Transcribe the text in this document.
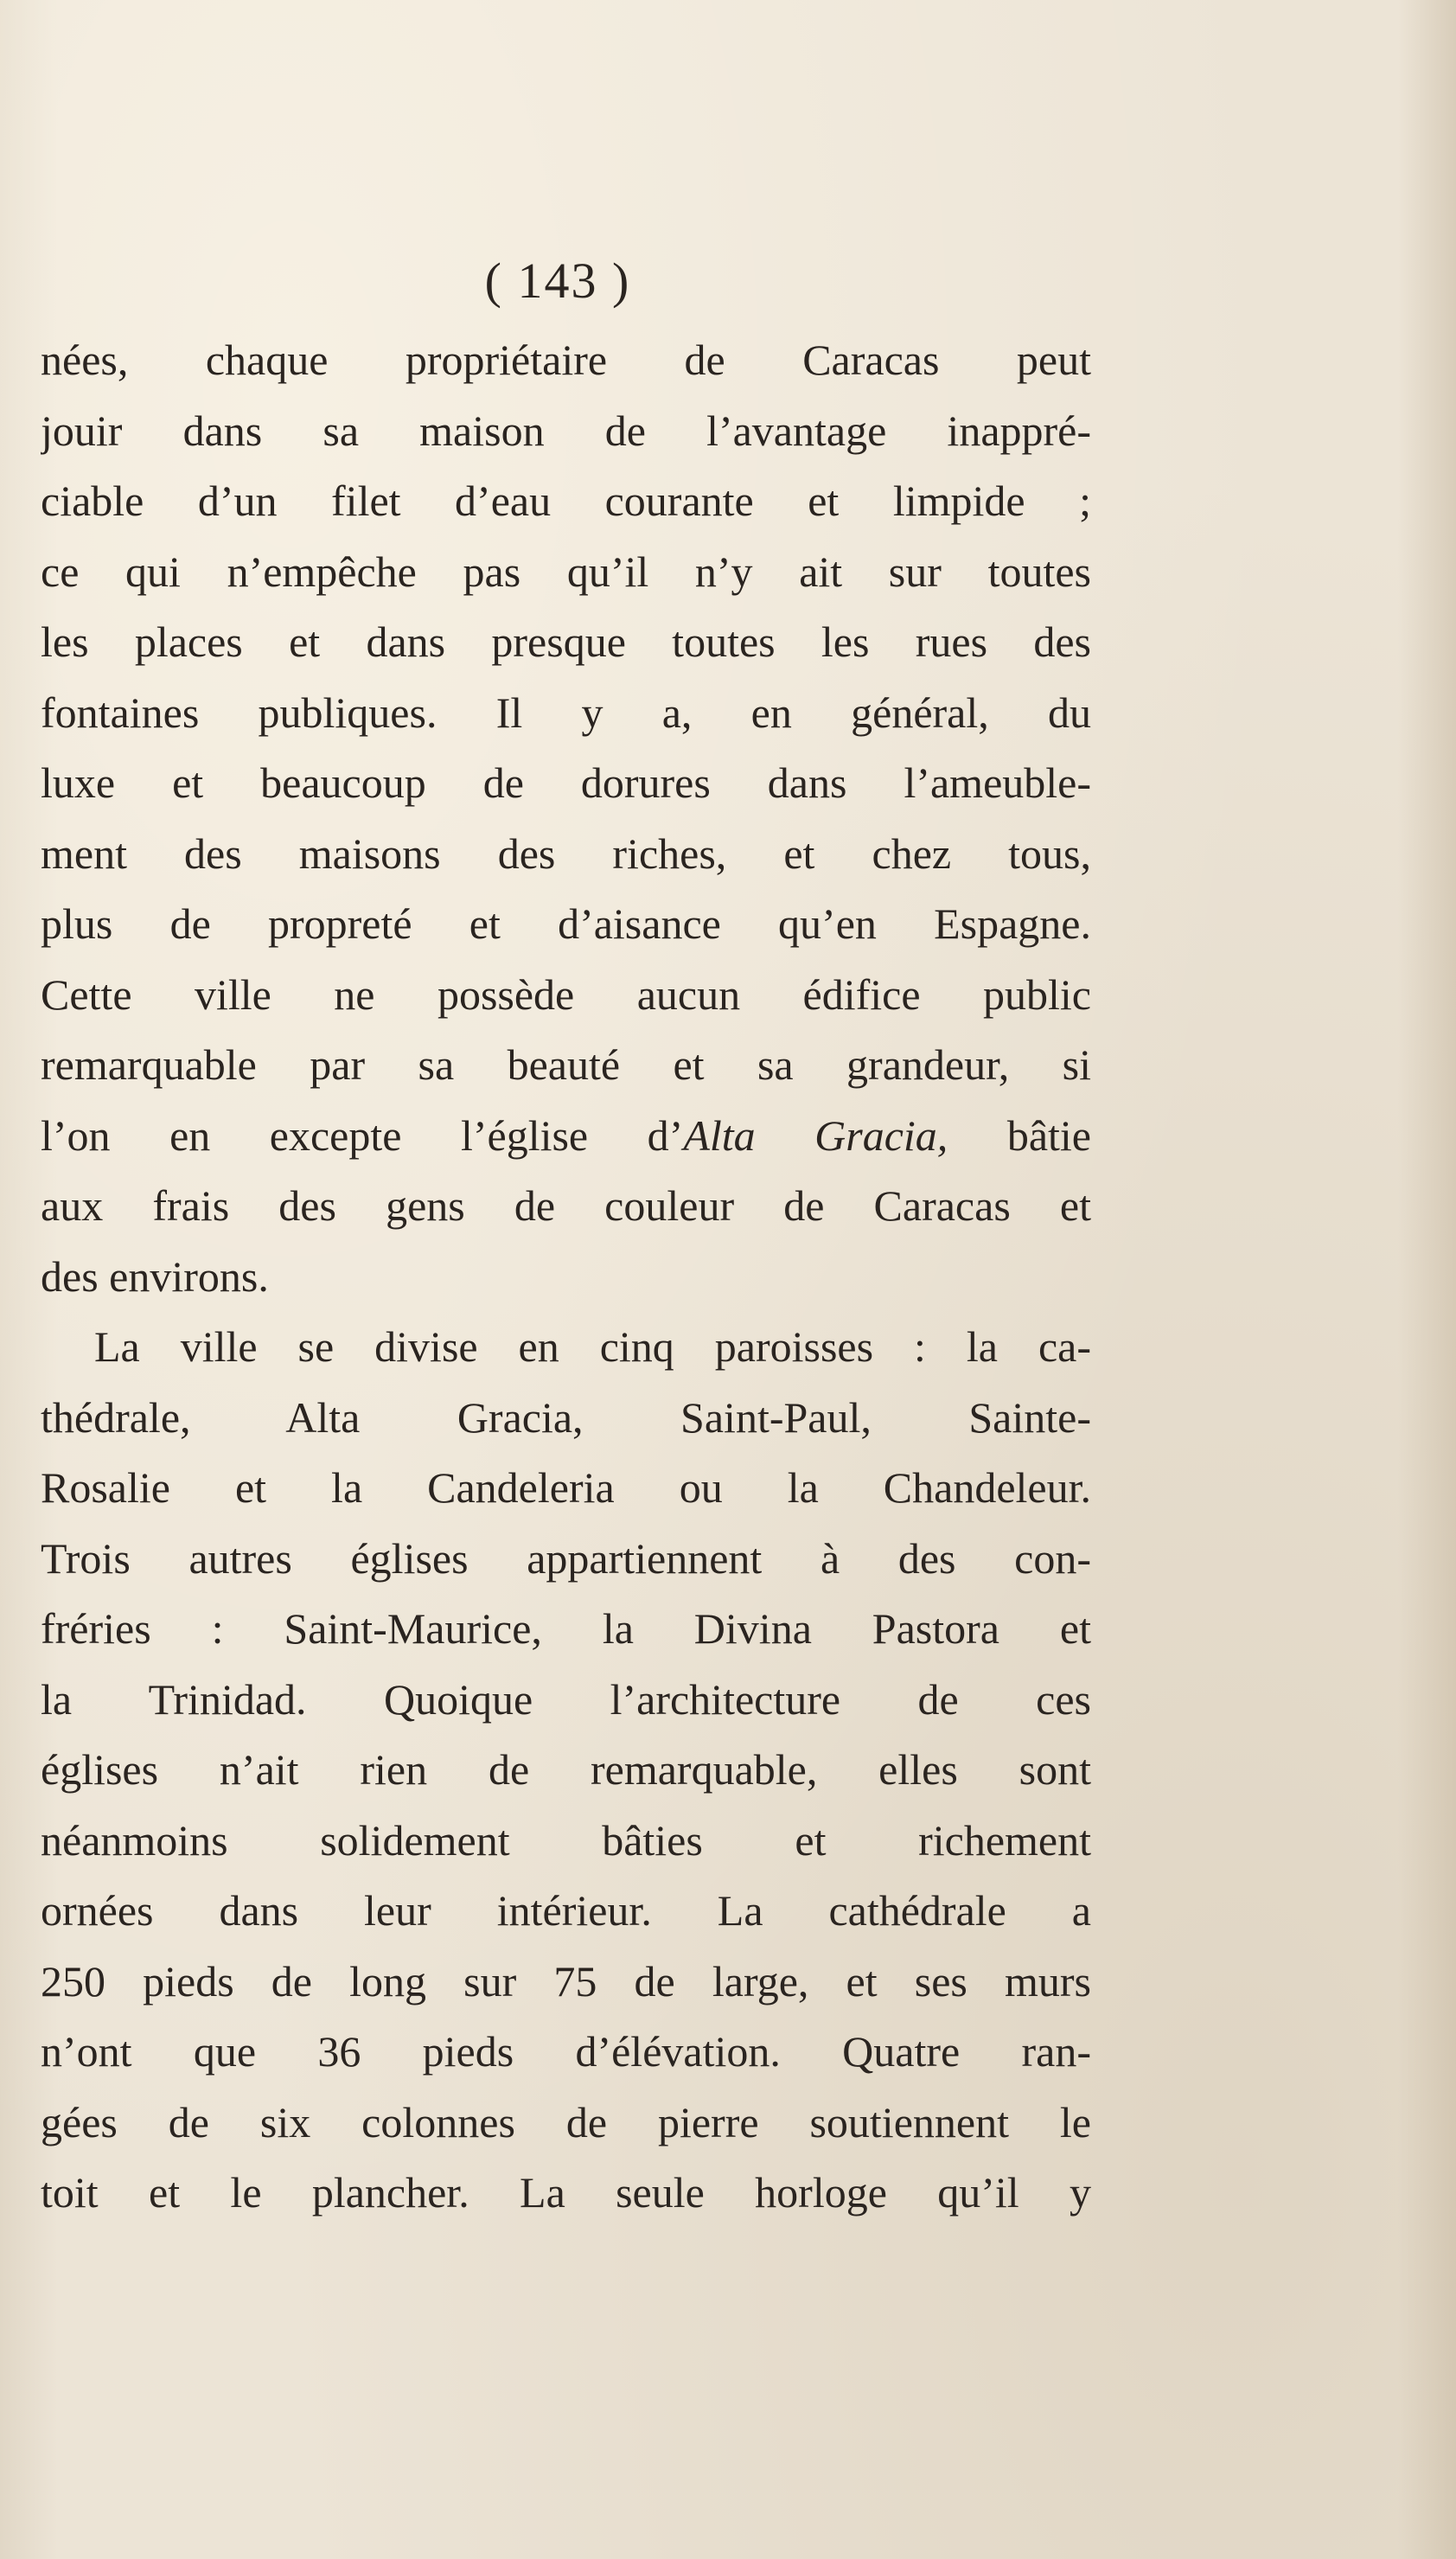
( 143 )
nées, chaque propriétaire de Caracas peut
jouir dans sa maison de l’avantage inappré-
ciable d’un filet d’eau courante et limpide ;
ce qui n’empêche pas qu’il n’y ait sur toutes
les places et dans presque toutes les rues des
fontaines publiques. Il y a, en général, du
luxe et beaucoup de dorures dans l’ameuble-
ment des maisons des riches, et chez tous,
plus de propreté et d’aisance qu’en Espagne.
Cette ville ne possède aucun édifice public
remarquable par sa beauté et sa grandeur, si
l’on en excepte l’église d’Alta Gracia, bâtie
aux frais des gens de couleur de Caracas et
des environs.
La ville se divise en cinq paroisses : la ca-
thédrale, Alta Gracia, Saint-Paul, Sainte-
Rosalie et la Candeleria ou la Chandeleur.
Trois autres églises appartiennent à des con-
fréries : Saint-Maurice, la Divina Pastora et
la Trinidad. Quoique l’architecture de ces
églises n’ait rien de remarquable, elles sont
néanmoins solidement bâties et richement
ornées dans leur intérieur. La cathédrale a
250 pieds de long sur 75 de large, et ses murs
n’ont que 36 pieds d’élévation. Quatre ran-
gées de six colonnes de pierre soutiennent le
toit et le plancher. La seule horloge qu’il y
